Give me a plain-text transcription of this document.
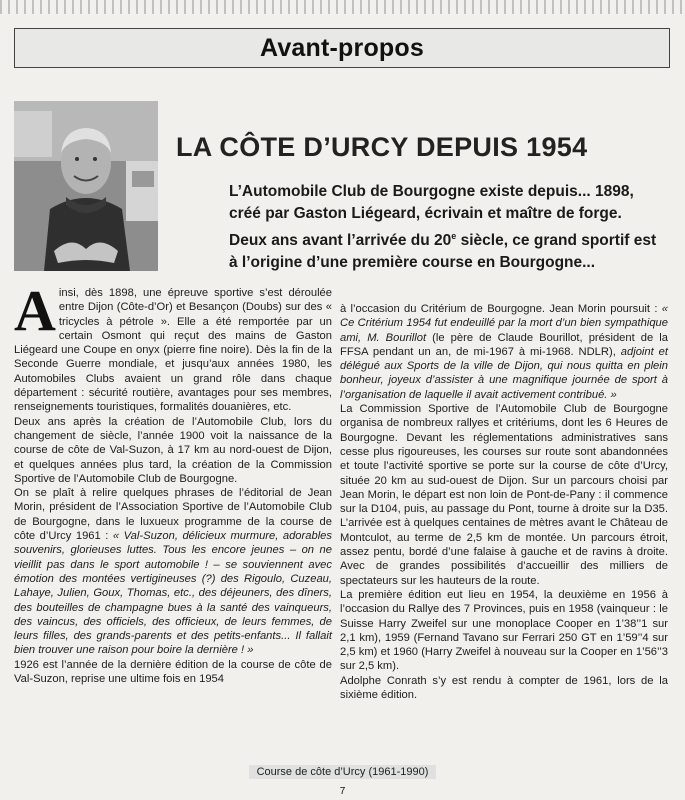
Avant-propos
LA CÔTE D’URCY DEPUIS 1954

L’Automobile Club de Bourgogne existe depuis... 1898, créé par Gaston Liégeard, écrivain et maître de forge. Deux ans avant l’arrivée du 20e siècle, ce grand sportif est à l’origine d’une première course en Bourgogne...

Ainsi, dès 1898, une épreuve sportive s’est déroulée entre Dijon (Côte-d’Or) et Besançon (Doubs) sur des « tricycles à pétrole ». Elle a été remportée par un certain Osmont qui reçut des mains de Gaston Liégeard une Coupe en onyx (pierre fine noire). Dès la fin de la Seconde Guerre mondiale, et jusqu’aux années 1980, les Automobiles Clubs avaient un grand rôle dans chaque département : sécurité routière, avantages pour ses membres, renseignements touristiques, formalités douanières, etc.

Deux ans après la création de l’Automobile Club, lors du changement de siècle, l’année 1900 voit la naissance de la course de côte de Val-Suzon, à 17 km au nord-ouest de Dijon, et quelques années plus tard, la création de la Commission Sportive de l’Automobile Club de Bourgogne.

On se plaît à relire quelques phrases de l’éditorial de Jean Morin, président de l’Association Sportive de l’Automobile Club de Bourgogne, dans le luxueux programme de la course de côte d’Urcy 1961 : « Val-Suzon, délicieux murmure, adorables souvenirs, glorieuses luttes. Tous les encore jeunes – on ne vieillit pas dans le sport automobile ! – se souviennent avec émotion des montées vertigineuses (?) des Rigoulo, Cuzeau, Lahaye, Julien, Goux, Thomas, etc., des déjeuners, des dîners, des bouteilles de champagne bues à la santé des vainqueurs, des vaincus, des officiels, des officieux, de leurs femmes, de leurs filles, des grands-parents et des petits-enfants... Il fallait bien trouver une raison pour boire la dernière ! »

1926 est l’année de la dernière édition de la course de côte de Val-Suzon, reprise une ultime fois en 1954

à l’occasion du Critérium de Bourgogne. Jean Morin poursuit : « Ce Critérium 1954 fut endeuillé par la mort d’un bien sympathique ami, M. Bourillot (le père de Claude Bourillot, président de la FFSA pendant un an, de mi-1967 à mi-1968. NDLR), adjoint et délégué aux Sports de la ville de Dijon, qui nous quitta en plein bonheur, joyeux d’assister à une magnifique journée de sport à l’organisation de laquelle il avait activement contribué. »

La Commission Sportive de l’Automobile Club de Bourgogne organisa de nombreux rallyes et critériums, dont les 6 Heures de Bourgogne. Devant les réglementations administratives sans cesse plus rigoureuses, les courses sur route sont abandonnées et toute l’activité sportive se porte sur la course de côte d’Urcy, située 20 km au sud-ouest de Dijon. Sur un parcours choisi par Jean Morin, le départ est non loin de Pont-de-Pany : il commence sur la D104, puis, au passage du Pont, tourne à droite sur la D35. L’arrivée est à quelques centaines de mètres avant le Château de Montculot, au terme de 2,5 km de montée. Un parcours étroit, assez pentu, bordé d’une falaise à gauche et de ravins à droite. Avec de grandes possibilités d’accueillir des milliers de spectateurs sur les hauteurs de la route.

La première édition eut lieu en 1954, la deuxième en 1956 à l’occasion du Rallye des 7 Provinces, puis en 1958 (vainqueur : le Suisse Harry Zweifel sur une monoplace Cooper en 1’38’’1 sur 2,1 km), 1959 (Fernand Tavano sur Ferrari 250 GT en 1’59’’4 sur 2,5 km) et 1960 (Harry Zweifel à nouveau sur la Cooper en 1’56’’3 sur 2,5 km).

Adolphe Conrath s’y est rendu à compter de 1961, lors de la sixième édition.

Course de côte d’Urcy (1961-1990)
7
